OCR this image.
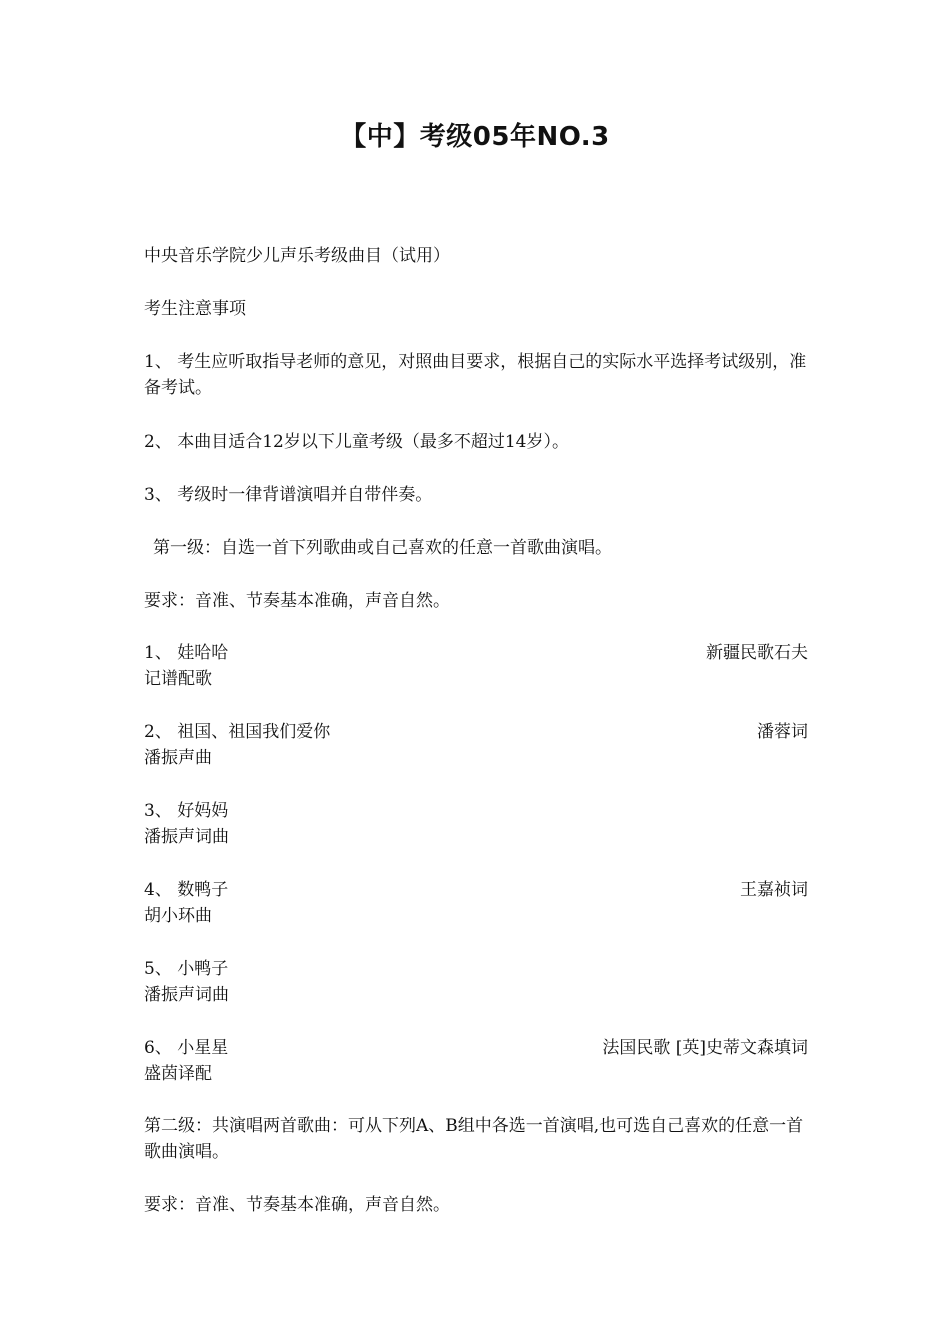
【中】考级05年NO.3
中央音乐学院少儿声乐考级曲目（试用）
考生注意事项
1、 考生应听取指导老师的意见，对照曲目要求，根据自己的实际水平选择考试级别，准备考试。
2、 本曲目适合12岁以下儿童考级（最多不超过14岁）。
3、 考级时一律背谱演唱并自带伴奏。
第一级：自选一首下列歌曲或自己喜欢的任意一首歌曲演唱。
要求：音准、节奏基本准确，声音自然。
1、 娃哈哈	新疆民歌石夫
记谱配歌
2、 祖国、祖国我们爱你	潘蓉词
潘振声曲
3、 好妈妈
潘振声词曲
4、 数鸭子	王嘉祯词
胡小环曲
5、 小鸭子
潘振声词曲
6、 小星星	法国民歌 [英]史蒂文森填词
盛茵译配
第二级：共演唱两首歌曲：可从下列A、B组中各选一首演唱,也可选自己喜欢的任意一首歌曲演唱。
要求：音准、节奏基本准确，声音自然。
